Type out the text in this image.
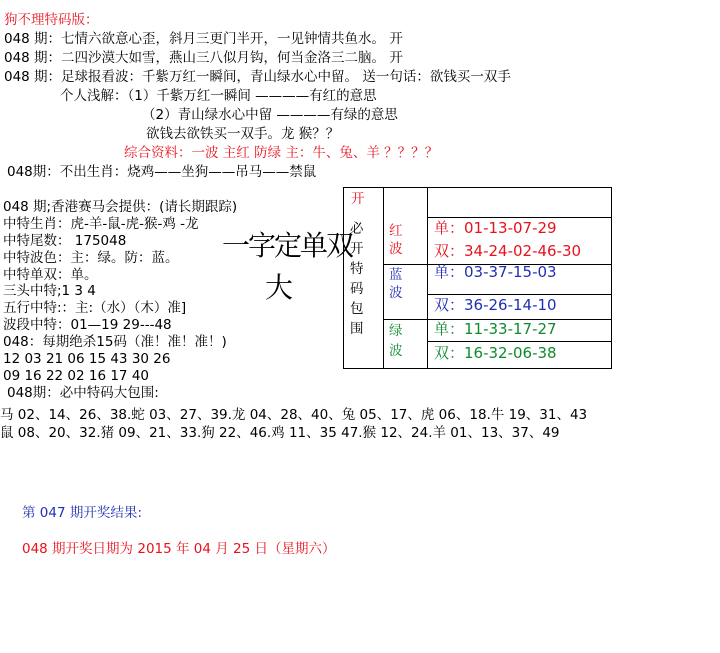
狗不理特码版：
048 期：七情六欲意心歪，斜月三更门半开，一见钟情共鱼水。 开
048 期：二四沙漠大如雪，燕山三八似月钩，何当金洛三二脑。 开
048 期：足球报看波：千紫万红一瞬间，青山绿水心中留。 送一句话：欲钱买一双手
个人浅解：（1）千紫万红一瞬间 ————有红的意思
（2）青山绿水心中留 ————有绿的意思
欲钱去欲铁买一双手。龙 猴？？
综合资料：一波 主红 防绿 主：牛、兔、羊 ？？？？
048期：不出生肖：烧鸡——坐狗——吊马——禁鼠
048 期;香港赛马会提供：(请长期跟踪)
中特生肖：虎-羊-鼠-虎-猴-鸡 -龙
中特尾数： 175048
中特波色：主：绿。防：蓝。
中特单双：单。
三头中特;1 3 4
五行中特:：主:（水）（木）准]
波段中特：01—19 29---48
048：每期绝杀15码（准！准！准！)
12 03 21 06 15 43 30 26
09 16 22 02 16 17 40
048期：必中特码大包围:
马 02、14、26、38.蛇 03、27、39.龙 04、28、40、兔 05、17、虎 06、18.牛 19、31、43
鼠 08、20、32.猪 09、21、33.狗 22、46.鸡 11、35 47.猴 12、24.羊 01、13、37、49
一字定单双
大
开
必开特码包围
红波
蓝波
绿波
单：01-13-07-29
双：34-24-02-46-30
单：03-37-15-03
双：36-26-14-10
单：11-33-17-27
双：16-32-06-38
第 047 期开奖结果:
048 期开奖日期为 2015 年 04 月 25 日（星期六）
